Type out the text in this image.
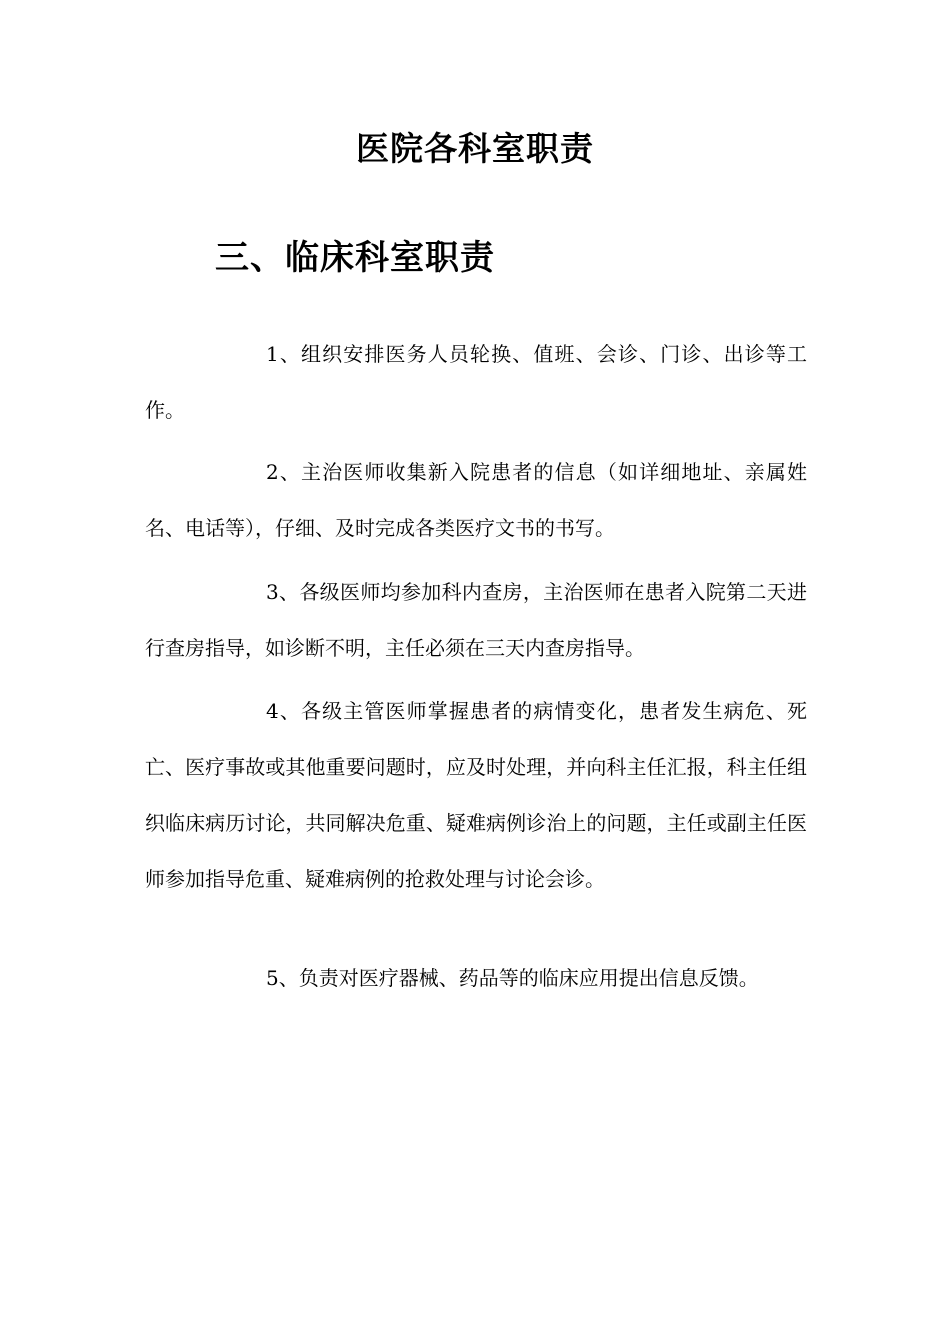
医院各科室职责
三、临床科室职责

1、组织安排医务人员轮换、值班、会诊、门诊、出诊等工作。

2、主治医师收集新入院患者的信息（如详细地址、亲属姓名、电话等），仔细、及时完成各类医疗文书的书写。

3、各级医师均参加科内查房，主治医师在患者入院第二天进行查房指导，如诊断不明，主任必须在三天内查房指导。

4、各级主管医师掌握患者的病情变化，患者发生病危、死亡、医疗事故或其他重要问题时，应及时处理，并向科主任汇报，科主任组织临床病历讨论，共同解决危重、疑难病例诊治上的问题，主任或副主任医师参加指导危重、疑难病例的抢救处理与讨论会诊。

5、负责对医疗器械、药品等的临床应用提出信息反馈。
